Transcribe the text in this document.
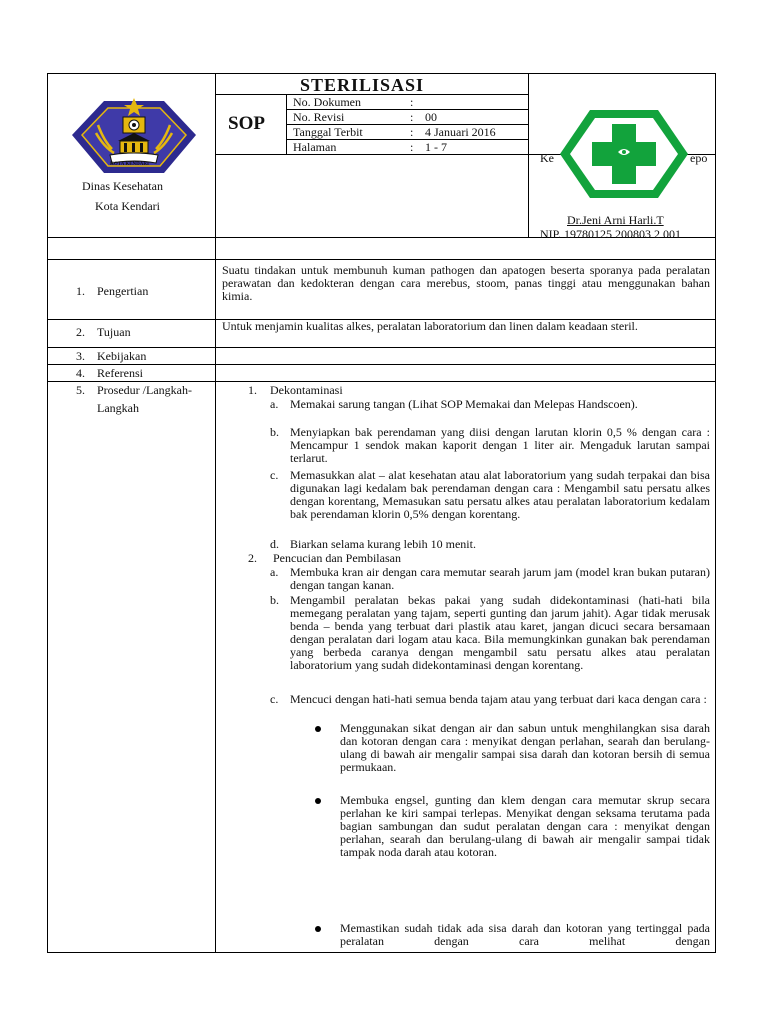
KOTA KENDARI
Dinas Kesehatan
Kota Kendari
STERILISASI
SOP
No. Dokumen	:
No. Revisi	: 00
Tanggal Terbit	: 4 Januari 2016
Halaman	: 1 - 7
Ke	epo
Dr.Jeni Arni Harli.T
NIP. 19780125 200803 2 001
1. Pengertian
Suatu tindakan untuk membunuh kuman pathogen dan apatogen beserta sporanya pada peralatan perawatan dan kedokteran dengan cara merebus, stoom, panas tinggi atau menggunakan bahan kimia.
2. Tujuan	Untuk menjamin kualitas alkes, peralatan laboratorium dan linen dalam keadaan steril.
3. Kebijakan
4. Referensi
5. Prosedur /Langkah-
Langkah
1. Dekontaminasi
a. Memakai sarung tangan (Lihat SOP Memakai dan Melepas Handscoen).
b. Menyiapkan bak perendaman yang diisi dengan larutan klorin 0,5 % dengan cara : Mencampur 1 sendok makan kaporit dengan 1 liter air. Mengaduk larutan sampai terlarut.
c. Memasukkan alat – alat kesehatan atau alat laboratorium yang sudah terpakai dan bisa digunakan lagi kedalam bak perendaman dengan cara : Mengambil satu persatu alkes dengan korentang, Memasukan satu persatu alkes atau peralatan laboratorium kedalam bak perendaman klorin 0,5% dengan korentang.
d. Biarkan selama kurang lebih 10 menit.
2. Pencucian dan Pembilasan
a. Membuka kran air dengan cara memutar searah jarum jam (model kran bukan putaran) dengan tangan kanan.
b. Mengambil peralatan bekas pakai yang sudah didekontaminasi (hati-hati bila memegang peralatan yang tajam, seperti gunting dan jarum jahit). Agar tidak merusak benda – benda yang terbuat dari plastik atau karet, jangan dicuci secara bersamaan dengan peralatan dari logam atau kaca. Bila memungkinkan gunakan bak perendaman yang berbeda caranya dengan mengambil satu persatu alkes atau peralatan laboratorium yang sudah didekontaminasi dengan korentang.
c. Mencuci dengan hati-hati semua benda tajam atau yang terbuat dari kaca dengan cara :
Menggunakan sikat dengan air dan sabun untuk menghilangkan sisa darah dan kotoran dengan cara : menyikat dengan perlahan, searah dan berulang-ulang di bawah air mengalir sampai sisa darah dan kotoran bersih di semua permukaan.
Membuka engsel, gunting dan klem dengan cara memutar skrup secara perlahan ke kiri sampai terlepas. Menyikat dengan seksama terutama pada bagian sambungan dan sudut peralatan dengan cara : menyikat dengan perlahan, searah dan berulang-ulang di bawah air mengalir sampai tidak tampak noda darah atau kotoran.
Memastikan sudah tidak ada sisa darah dan kotoran yang tertinggal pada peralatan dengan cara melihat dengan
